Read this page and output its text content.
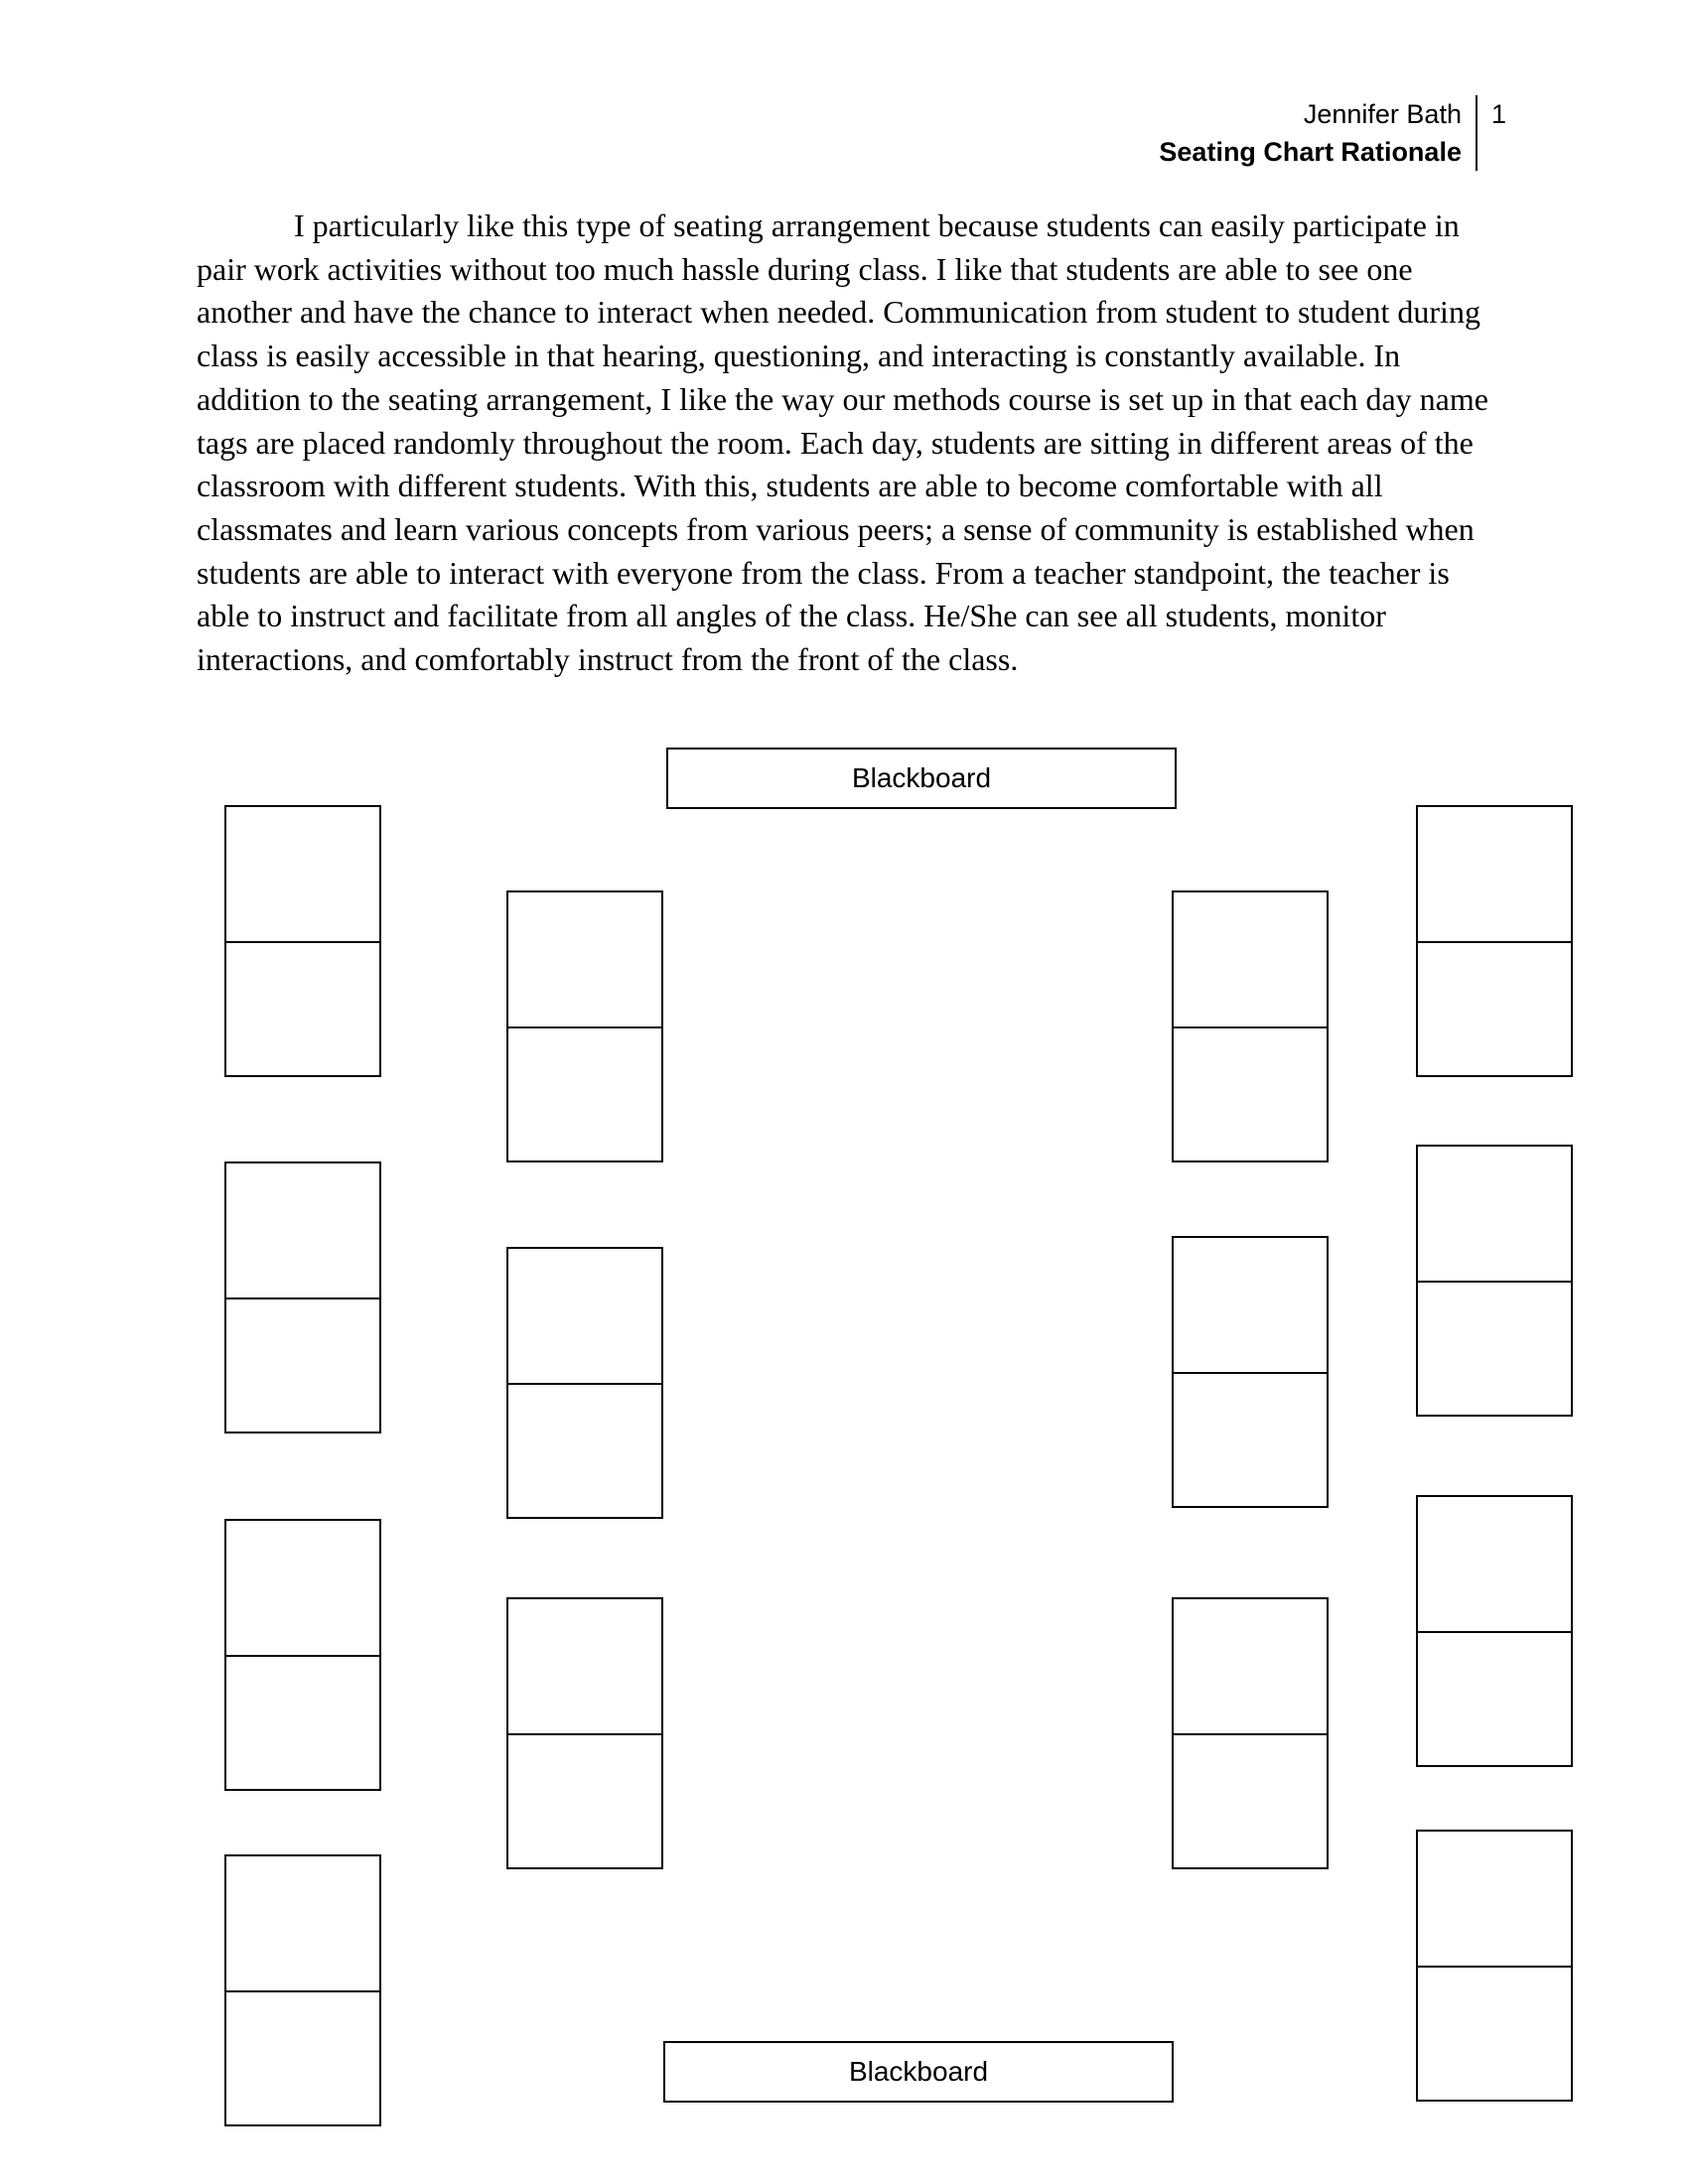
Jennifer Bath
Seating Chart Rationale
1

I particularly like this type of seating arrangement because students can easily participate in pair work activities without too much hassle during class. I like that students are able to see one another and have the chance to interact when needed. Communication from student to student during class is easily accessible in that hearing, questioning, and interacting is constantly available. In addition to the seating arrangement, I like the way our methods course is set up in that each day name tags are placed randomly throughout the room. Each day, students are sitting in different areas of the classroom with different students. With this, students are able to become comfortable with all classmates and learn various concepts from various peers; a sense of community is established when students are able to interact with everyone from the class. From a teacher standpoint, the teacher is able to instruct and facilitate from all angles of the class. He/She can see all students, monitor interactions, and comfortably instruct from the front of the class.

Blackboard
Blackboard
